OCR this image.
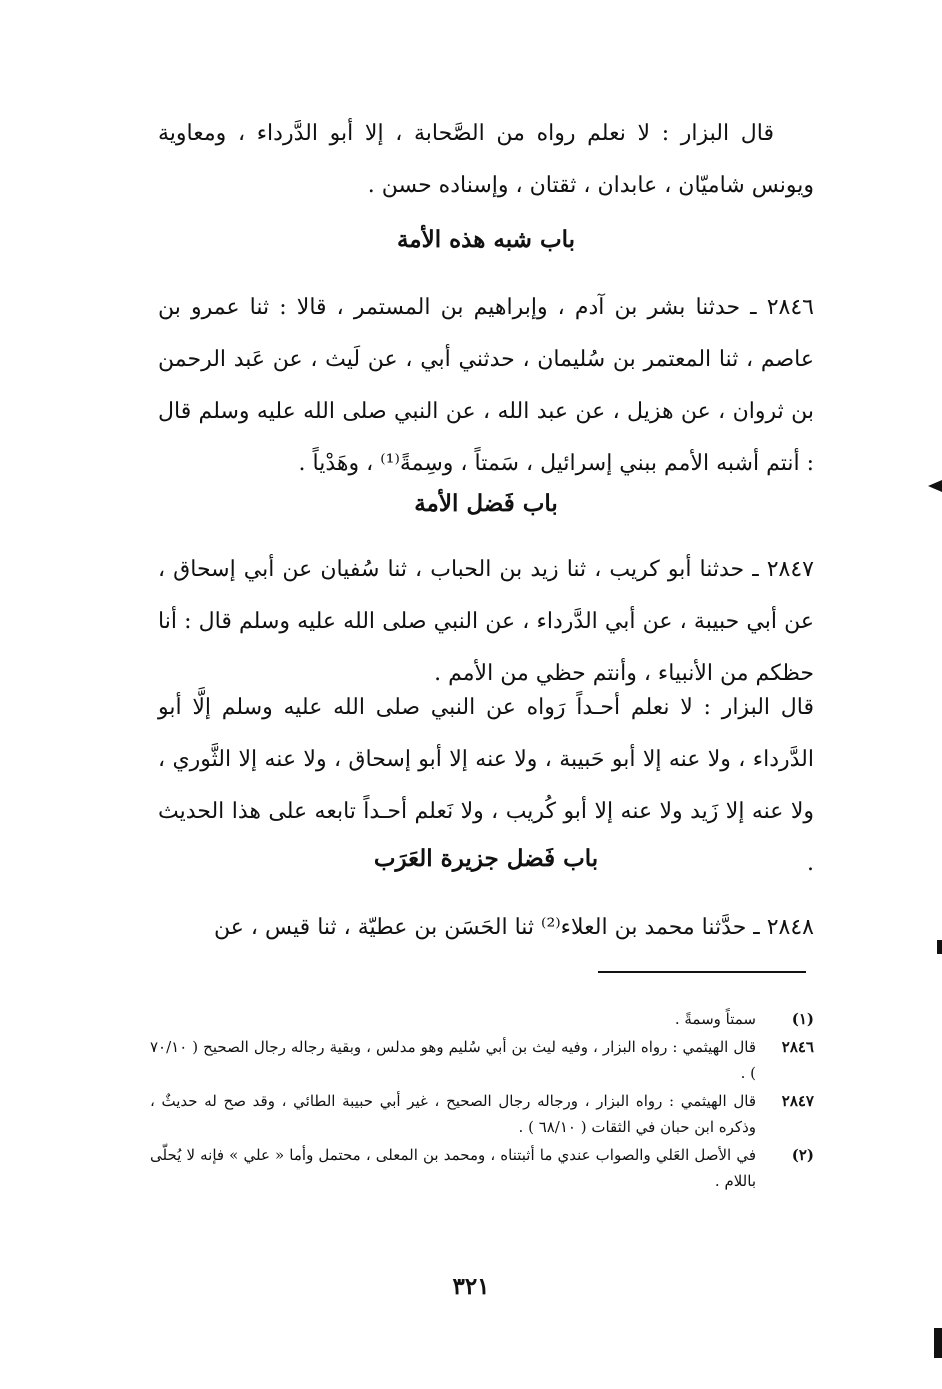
قال البزار : لا نعلم رواه من الصَّحابة ، إلا أبو الدَّرداء ، ومعاوية ويونس شاميّان ، عابدان ، ثقتان ، وإسناده حسن .
باب شبه هذه الأمة
٢٨٤٦ ـ حدثنا بشر بن آدم ، وإبراهيم بن المستمر ، قالا : ثنا عمرو بن عاصم ، ثنا المعتمر بن سُليمان ، حدثني أبي ، عن لَيث ، عن عَبد الرحمن بن ثروان ، عن هزيل ، عن عبد الله ، عن النبي صلى الله عليه وسلم قال : أنتم أشبه الأمم ببني إسرائيل ، سَمتاً ، وسِمةً⁽¹⁾ ، وهَدْياً .
باب فَضل الأمة
٢٨٤٧ ـ حدثنا أبو كريب ، ثنا زيد بن الحباب ، ثنا سُفيان عن أبي إسحاق ، عن أبي حبيبة ، عن أبي الدَّرداء ، عن النبي صلى الله عليه وسلم قال : أنا حظكم من الأنبياء ، وأنتم حظي من الأمم .
قال البزار : لا نعلم أحـداً رَواه عن النبي صلى الله عليه وسلم إلَّا أبو الدَّرداء ، ولا عنه إلا أبو حَبيبة ، ولا عنه إلا أبو إسحاق ، ولا عنه إلا الثَّوري ، ولا عنه إلا زَيد ولا عنه إلا أبو كُريب ، ولا نَعلم أحـداً تابعه على هذا الحديث .
باب فَضل جزيرة العَرَب
٢٨٤٨ ـ حدَّثنا محمد بن العلاء⁽²⁾ ثنا الحَسَن بن عطيّة ، ثنا قيس ، عن
(١)
سمتاً وسمةً .
٢٨٤٦
قال الهيثمي : رواه البزار ، وفيه ليث بن أبي سُليم وهو مدلس ، وبقية رجاله رجال الصحيح ( ٧٠/١٠ ) .
٢٨٤٧
قال الهيثمي : رواه البزار ، ورجاله رجال الصحيح ، غير أبي حبيبة الطائي ، وقد صح له حديثٌ ، وذكره ابن حبان في الثقات ( ٦٨/١٠ ) .
(٢)
في الأصل العَلي والصواب عندي ما أثبتناه ، ومحمد بن المعلى ، محتمل وأما « علي » فإنه لا يُحلّى باللام .
٣٢١
